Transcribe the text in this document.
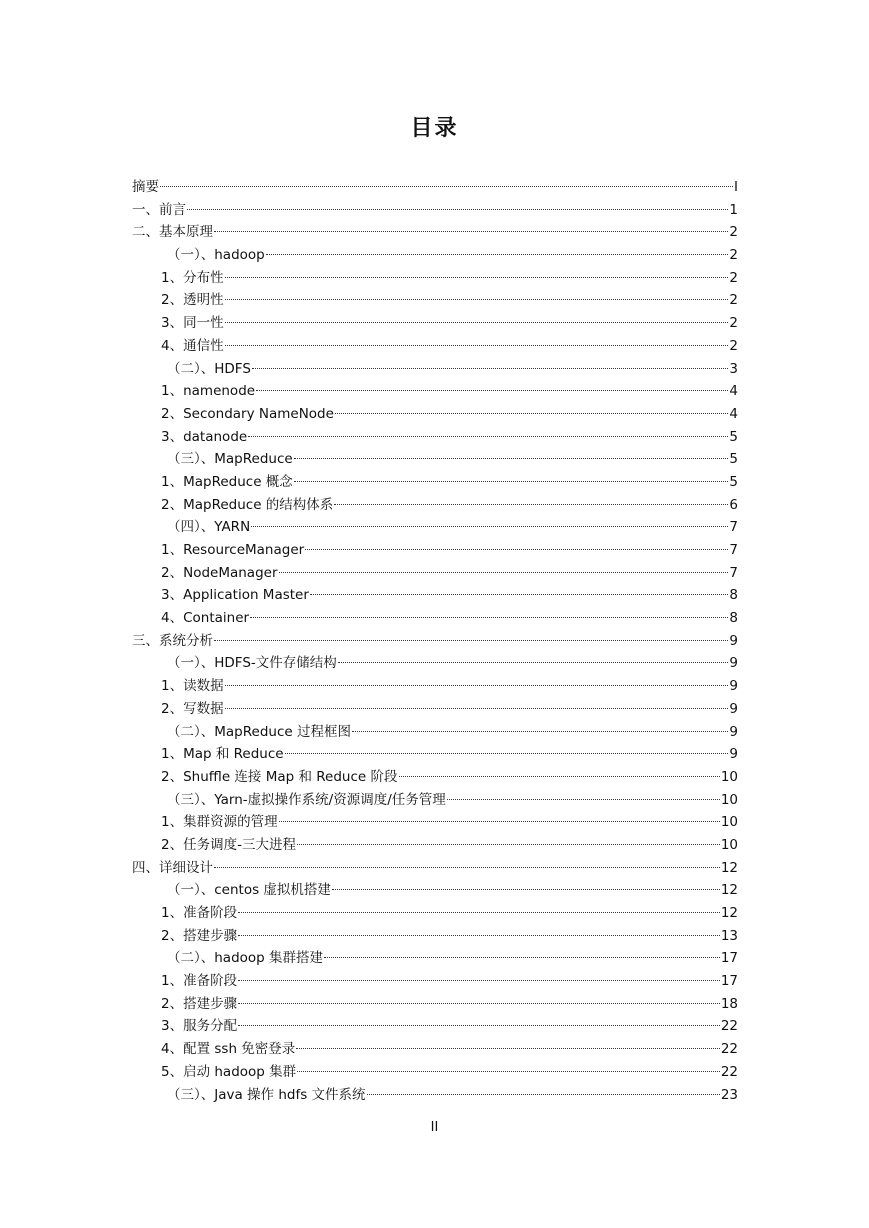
目录
摘要	I
一、前言	1
二、基本原理	2
（一）、hadoop	2
1、分布性	2
2、透明性	2
3、同一性	2
4、通信性	2
（二）、HDFS	3
1、namenode	4
2、Secondary NameNode	4
3、datanode	5
（三）、MapReduce	5
1、MapReduce 概念	5
2、MapReduce 的结构体系	6
（四）、YARN	7
1、ResourceManager	7
2、NodeManager	7
3、Application Master	8
4、Container	8
三、系统分析	9
（一）、HDFS-文件存储结构	9
1、读数据	9
2、写数据	9
（二）、MapReduce 过程框图	9
1、Map 和 Reduce	9
2、Shuffle 连接 Map 和 Reduce 阶段	10
（三）、Yarn-虚拟操作系统/资源调度/任务管理	10
1、集群资源的管理	10
2、任务调度-三大进程	10
四、详细设计	12
（一）、centos 虚拟机搭建	12
1、准备阶段	12
2、搭建步骤	13
（二）、hadoop 集群搭建	17
1、准备阶段	17
2、搭建步骤	18
3、服务分配	22
4、配置 ssh 免密登录	22
5、启动 hadoop 集群	22
（三）、Java 操作 hdfs 文件系统	23
II
